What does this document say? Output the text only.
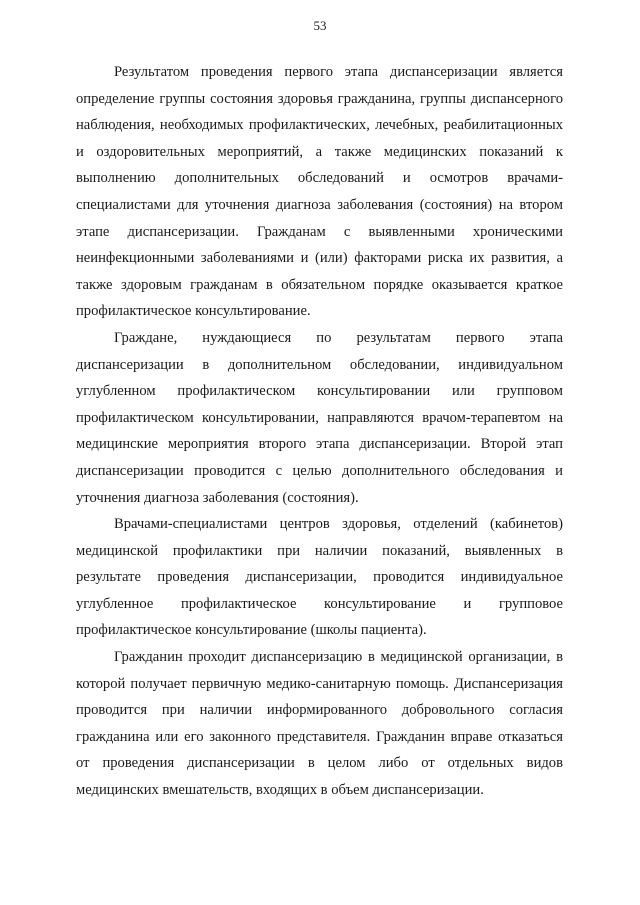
53

Результатом проведения первого этапа диспансеризации является определение группы состояния здоровья гражданина, группы диспансерного наблюдения, необходимых профилактических, лечебных, реабилитационных и оздоровительных мероприятий, а также медицинских показаний к выполнению дополнительных обследований и осмотров врачами-специалистами для уточнения диагноза заболевания (состояния) на втором этапе диспансеризации. Гражданам с выявленными хроническими неинфекционными заболеваниями и (или) факторами риска их развития, а также здоровым гражданам в обязательном порядке оказывается краткое профилактическое консультирование.

Граждане, нуждающиеся по результатам первого этапа диспансеризации в дополнительном обследовании, индивидуальном углубленном профилактическом консультировании или групповом профилактическом консультировании, направляются врачом-терапевтом на медицинские мероприятия второго этапа диспансеризации. Второй этап диспансеризации проводится с целью дополнительного обследования и уточнения диагноза заболевания (состояния).

Врачами-специалистами центров здоровья, отделений (кабинетов) медицинской профилактики при наличии показаний, выявленных в результате проведения диспансеризации, проводится индивидуальное углубленное профилактическое консультирование и групповое профилактическое консультирование (школы пациента).

Гражданин проходит диспансеризацию в медицинской организации, в которой получает первичную медико-санитарную помощь. Диспансеризация проводится при наличии информированного добровольного согласия гражданина или его законного представителя. Гражданин вправе отказаться от проведения диспансеризации в целом либо от отдельных видов медицинских вмешательств, входящих в объем диспансеризации.
